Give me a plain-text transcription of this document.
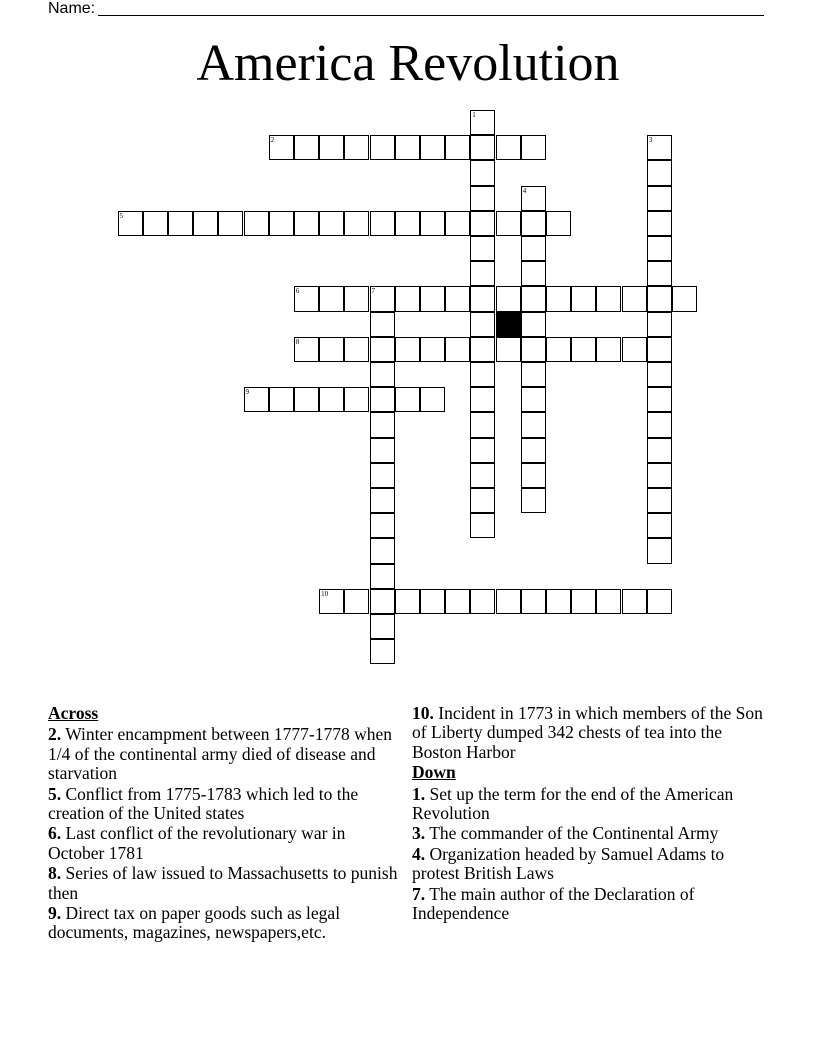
Name:
America Revolution
1
2	3
4
5
6	7
8
9
10
Across
2. Winter encampment between 1777-1778 when 1/4 of the continental army died of disease and starvation
5. Conflict from 1775-1783 which led to the creation of the United states
6. Last conflict of the revolutionary war in October 1781
8. Series of law issued to Massachusetts to punish then
9. Direct tax on paper goods such as legal documents, magazines, newspapers,etc.
10. Incident in 1773 in which members of the Son of Liberty dumped 342 chests of tea into the Boston Harbor
Down
1. Set up the term for the end of the American Revolution
3. The commander of the Continental Army
4. Organization headed by Samuel Adams to protest British Laws
7. The main author of the Declaration of Independence
